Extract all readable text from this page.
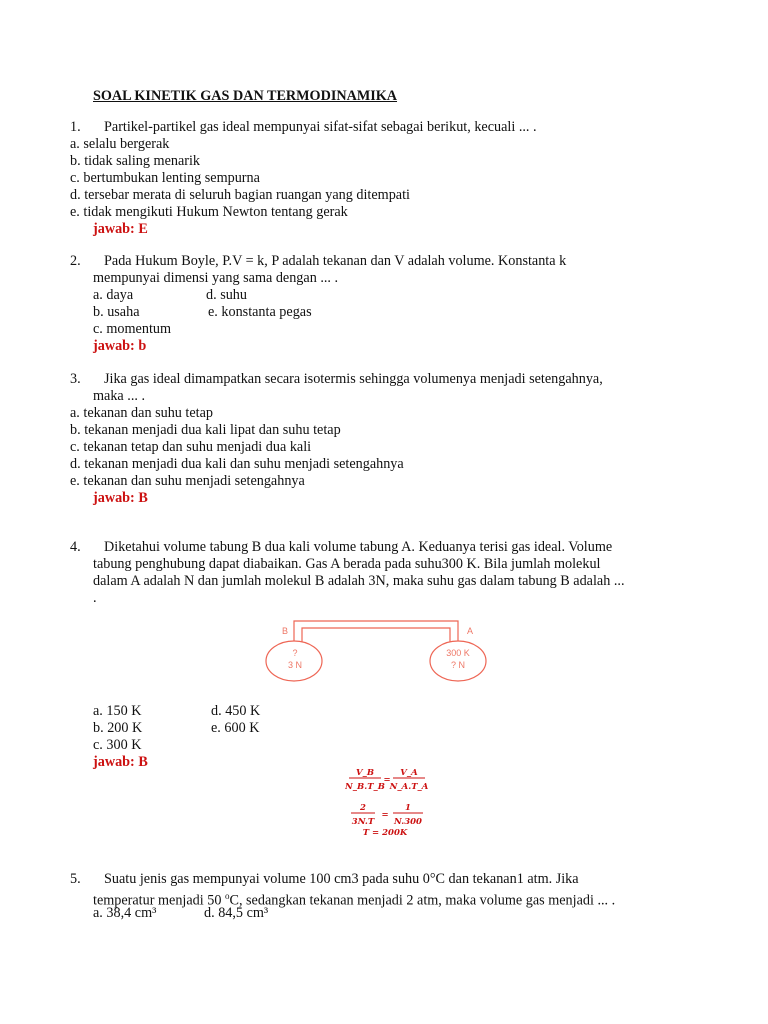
SOAL KINETIK GAS DAN TERMODINAMIKA
1. Partikel-partikel gas ideal mempunyai sifat-sifat sebagai berikut, kecuali ... .
a. selalu bergerak
b. tidak saling menarik
c. bertumbukan lenting sempurna
d. tersebar merata di seluruh bagian ruangan yang ditempati
e. tidak mengikuti Hukum Newton tentang gerak
jawab: E
2. Pada Hukum Boyle, P.V = k, P adalah tekanan dan V adalah volume. Konstanta k
mempunyai dimensi yang sama dengan ... .
a. daya	d. suhu
b. usaha	e. konstanta pegas
c. momentum
jawab: b
3. Jika gas ideal dimampatkan secara isotermis sehingga volumenya menjadi setengahnya,
maka ... .
a. tekanan dan suhu tetap
b. tekanan menjadi dua kali lipat dan suhu tetap
c. tekanan tetap dan suhu menjadi dua kali
d. tekanan menjadi dua kali dan suhu menjadi setengahnya
e. tekanan dan suhu menjadi setengahnya
jawab: B
4. Diketahui volume tabung B dua kali volume tabung A. Keduanya terisi gas ideal. Volume
tabung penghubung dapat diabaikan. Gas A berada pada suhu300 K. Bila jumlah molekul
dalam A adalah N dan jumlah molekul B adalah 3N, maka suhu gas dalam tabung B adalah ...
.
B	A
?
3 N
300 K
? N
a. 150 K	d. 450 K
b. 200 K	e. 600 K
c. 300 K
jawab: B
V_B
N_B.T_B
=
V_A
N_A.T_A
2
3N.T
=
1
N.300
T = 200K
5. Suatu jenis gas mempunyai volume 100 cm3 pada suhu 0°C dan tekanan1 atm. Jika
temperatur menjadi 50 $^o$C, sedangkan tekanan menjadi 2 atm, maka volume gas menjadi ... .
a. 38,4 cm³	d. 84,5 cm³
